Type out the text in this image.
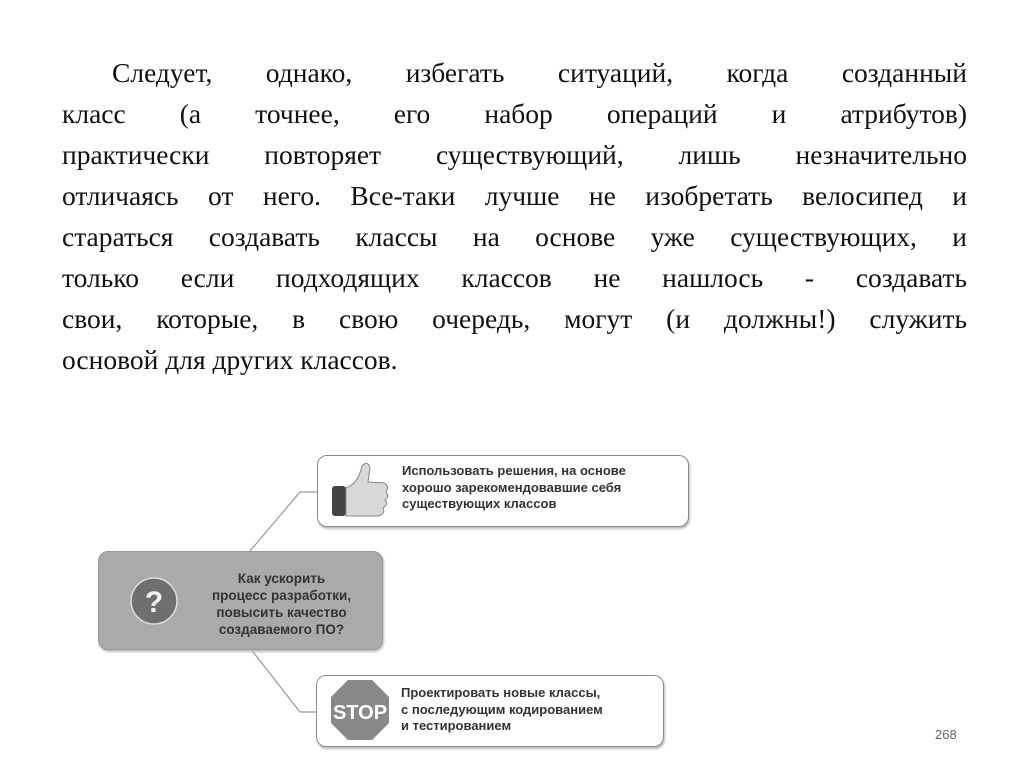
Следует, однако, избегать ситуаций, когда созданный
класс (а точнее, его набор операций и атрибутов)
практически повторяет существующий, лишь незначительно
отличаясь от него. Все-таки лучше не изобретать велосипед и
стараться создавать классы на основе уже существующих, и
только если подходящих классов не нашлось - создавать
свои, которые, в свою очередь, могут (и должны!) служить
основой для других классов.
Использовать решения, на основе
хорошо зарекомендовавшие себя
существующих классов
?
Как ускорить
процесс разработки,
повысить качество
создаваемого ПО?
STOP
Проектировать новые классы,
с последующим кодированием
и тестированием
268
